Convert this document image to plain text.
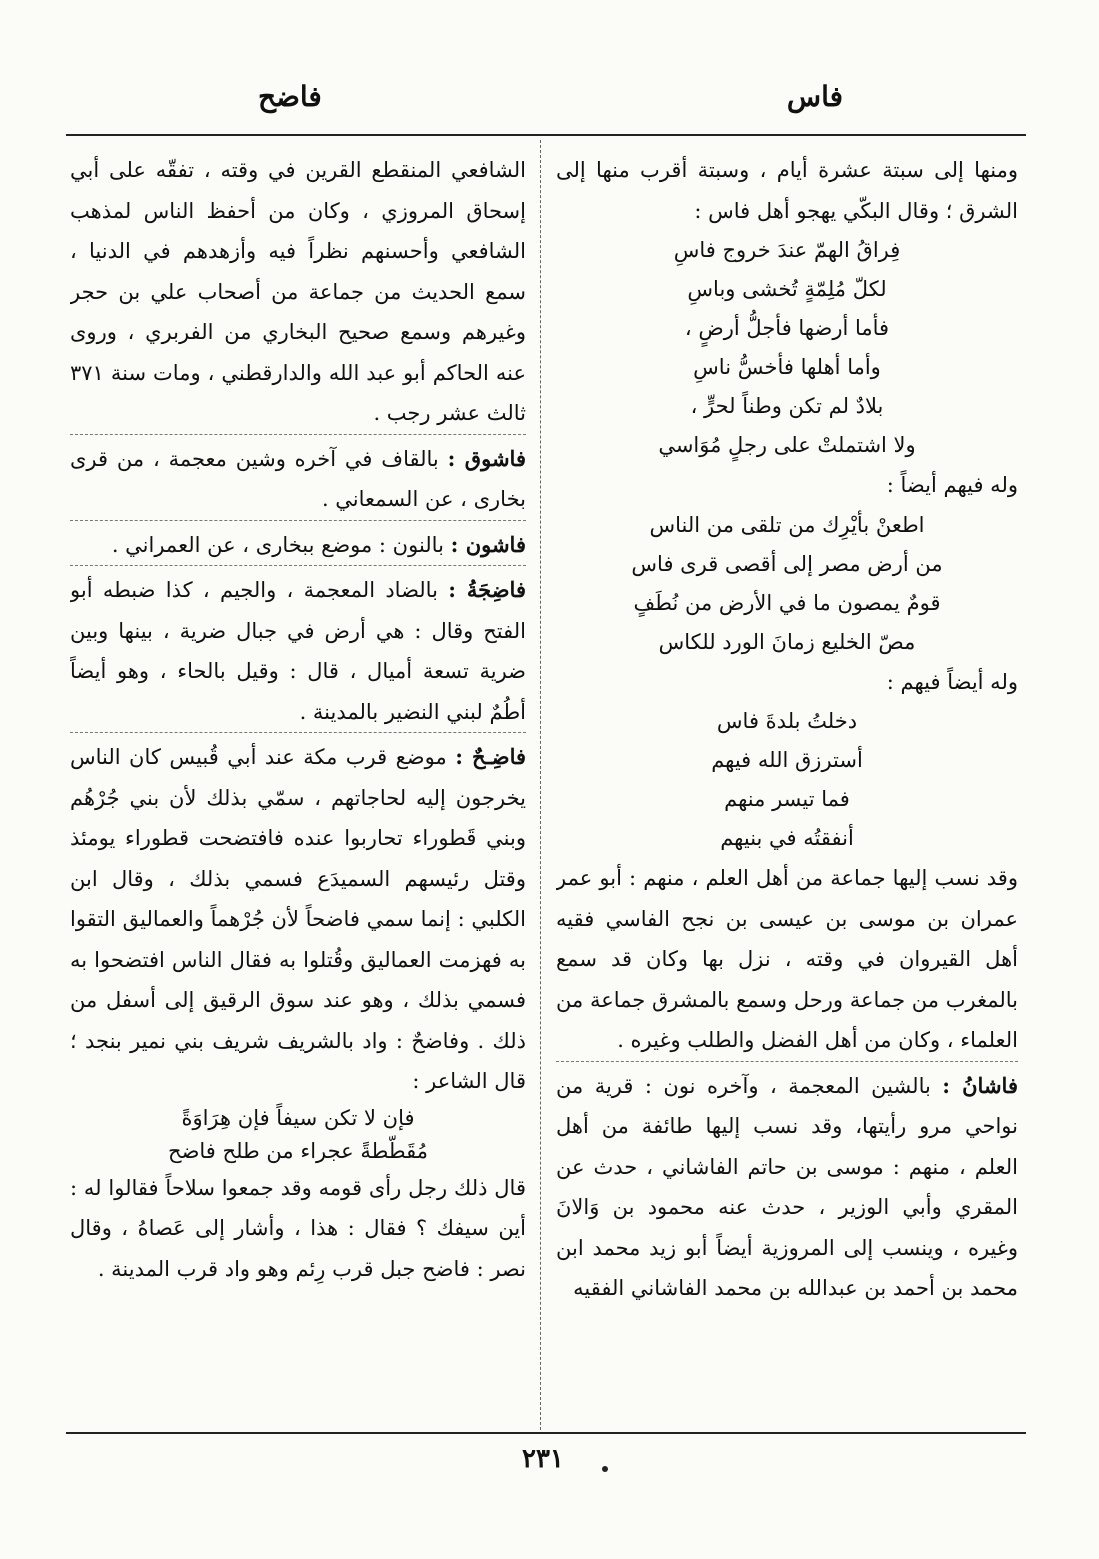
فاس
فاضح

ومنها إلى سبتة عشرة أيام ، وسبتة أقرب منها إلى الشرق ؛ وقال البكّي يهجو أهل فاس :

فِراقُ الهمّ عندَ خروج فاسِ
لكلّ مُلِمّةٍ تُخشى وباسِ
فأما أرضها فأجلُّ أرضٍ ،
وأما أهلها فأخسُّ ناسِ
بلادٌ لم تكن وطناً لحرٍّ ،
ولا اشتملتْ على رجلٍ مُوَاسي

وله فيهم أيضاً :

اطعنْ بأيْرِك من تلقى من الناس
من أرض مصر إلى أقصى قرى فاس
قومٌ يمصون ما في الأرض من نُطَفٍ
مصّ الخليع زمانَ الورد للكاس

وله أيضاً فيهم :

دخلتُ بلدةَ فاس
أسترزق الله فيهم
فما تيسر منهم
أنفقتُه في بنيهم

وقد نسب إليها جماعة من أهل العلم ، منهم : أبو عمر عمران بن موسى بن عيسى بن نجح الفاسي فقيه أهل القيروان في وقته ، نزل بها وكان قد سمع بالمغرب من جماعة ورحل وسمع بالمشرق جماعة من العلماء ، وكان من أهل الفضل والطلب وغيره .

فاشانُ : بالشين المعجمة ، وآخره نون : قرية من نواحي مرو رأيتها، وقد نسب إليها طائفة من أهل العلم ، منهم : موسى بن حاتم الفاشاني ، حدث عن المقري وأبي الوزير ، حدث عنه محمود بن وَالانَ وغيره ، وينسب إلى المروزية أيضاً أبو زيد محمد ابن محمد بن أحمد بن عبدالله بن محمد الفاشاني الفقيه

الشافعي المنقطع القرين في وقته ، تفقّه على أبي إسحاق المروزي ، وكان من أحفظ الناس لمذهب الشافعي وأحسنهم نظراً فيه وأزهدهم في الدنيا ، سمع الحديث من جماعة من أصحاب علي بن حجر وغيرهم وسمع صحيح البخاري من الفربري ، وروى عنه الحاكم أبو عبد الله والدارقطني ، ومات سنة ٣٧١ ثالث عشر رجب .

فاشوق : بالقاف في آخره وشين معجمة ، من قرى بخارى ، عن السمعاني .

فاشون : بالنون : موضع ببخارى ، عن العمراني .

فاضِجَةُ : بالضاد المعجمة ، والجيم ، كذا ضبطه أبو الفتح وقال : هي أرض في جبال ضرية ، بينها وبين ضرية تسعة أميال ، قال : وقيل بالحاء ، وهو أيضاً أطُمٌ لبني النضير بالمدينة .

فاضِـحٌ : موضع قرب مكة عند أبي قُبيس كان الناس يخرجون إليه لحاجاتهم ، سمّي بذلك لأن بني جُرْهُم وبني قَطوراء تحاربوا عنده فافتضحت قطوراء يومئذ وقتل رئيسهم السميدَع فسمي بذلك ، وقال ابن الكلبي : إنما سمي فاضحاً لأن جُرْهماً والعماليق التقوا به فهزمت العماليق وقُتلوا به فقال الناس افتضحوا به فسمي بذلك ، وهو عند سوق الرقيق إلى أسفل من ذلك . وفاضحٌ : واد بالشريف شريف بني نمير بنجد ؛ قال الشاعر :

فإن لا تكن سيفاً فإن هِرَاوَةً
مُقَطّطةً عجراء من طلح فاضح

قال ذلك رجل رأى قومه وقد جمعوا سلاحاً فقالوا له : أين سيفك ؟ فقال : هذا ، وأشار إلى عَصاهُ ، وقال نصر : فاضح جبل قرب رِئم وهو واد قرب المدينة .

٢٣١
